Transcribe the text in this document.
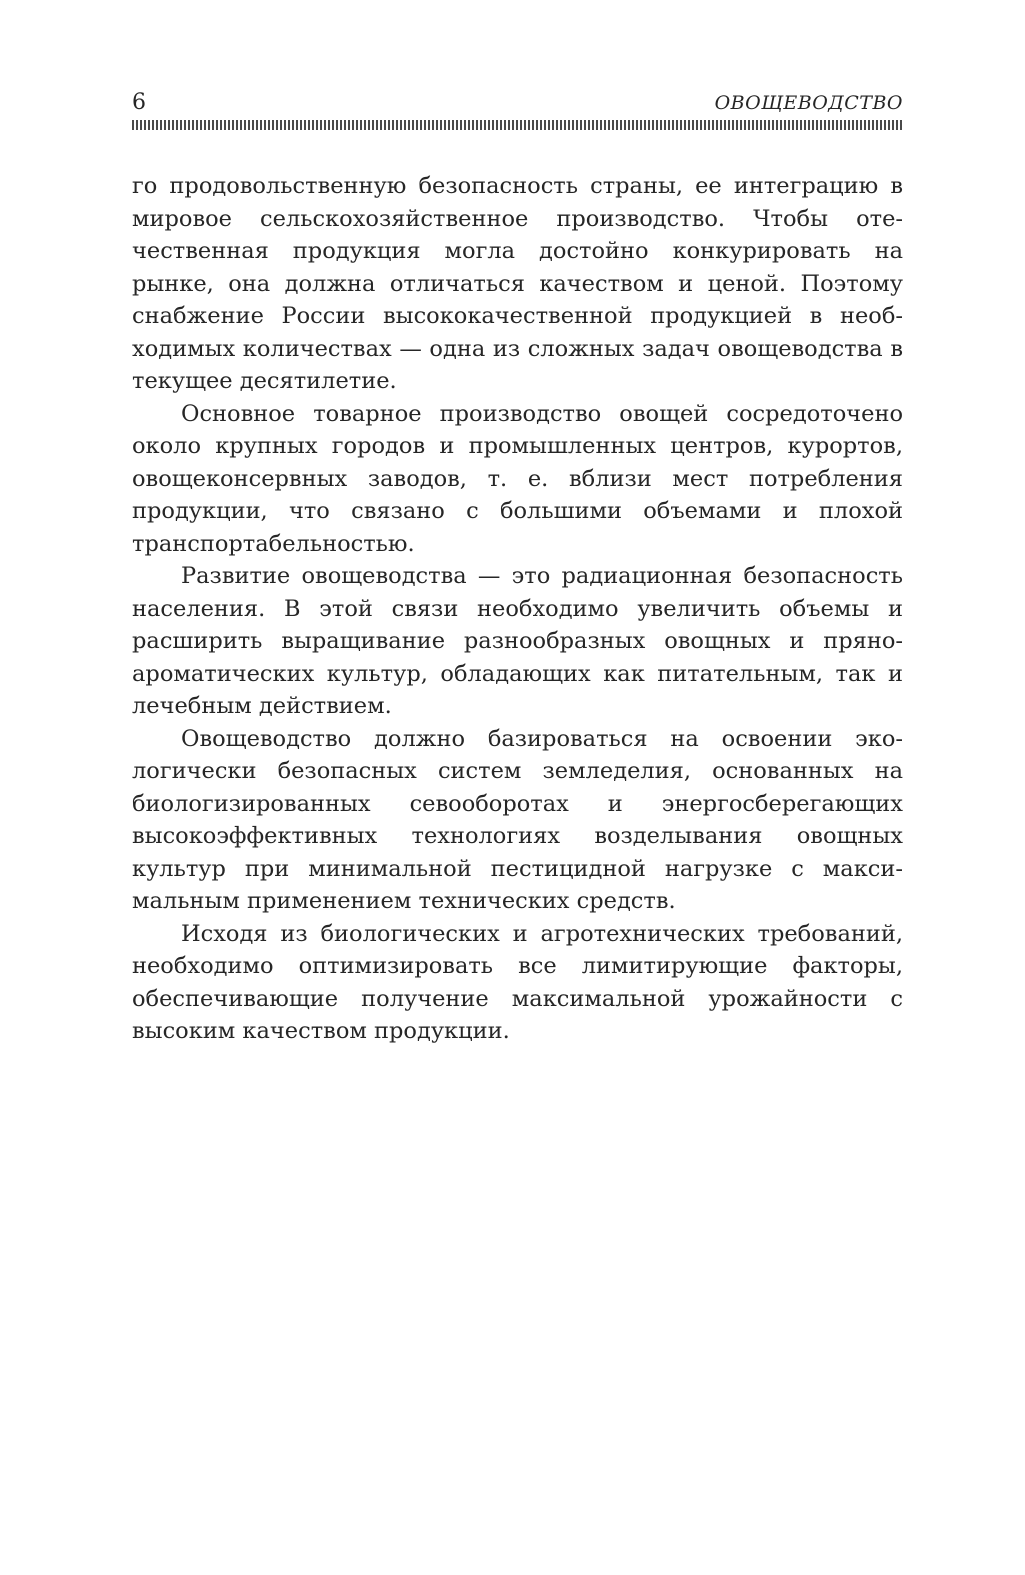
6	ОВОЩЕВОДСТВО

го продовольственную безопасность страны, ее интеграцию в мировое сельскохозяйственное производство. Чтобы отечественная продукция могла достойно конкурировать на рынке, она должна отличаться качеством и ценой. Поэтому снабжение России высококачественной продукцией в необходимых количествах — одна из сложных задач овощеводства в текущее десятилетие.

Основное товарное производство овощей сосредоточено около крупных городов и промышленных центров, курортов, овощеконсервных заводов, т. е. вблизи мест потребления продукции, что связано с большими объемами и плохой транспортабельностью.

Развитие овощеводства — это радиационная безопасность населения. В этой связи необходимо увеличить объемы и расширить выращивание разнообразных овощных и пряно-ароматических культур, обладающих как питательным, так и лечебным действием.

Овощеводство должно базироваться на освоении экологически безопасных систем земледелия, основанных на биологизированных севооборотах и энергосберегающих высокоэффективных технологиях возделывания овощных культур при минимальной пестицидной нагрузке с максимальным применением технических средств.

Исходя из биологических и агротехнических требований, необходимо оптимизировать все лимитирующие факторы, обеспечивающие получение максимальной урожайности с высоким качеством продукции.
